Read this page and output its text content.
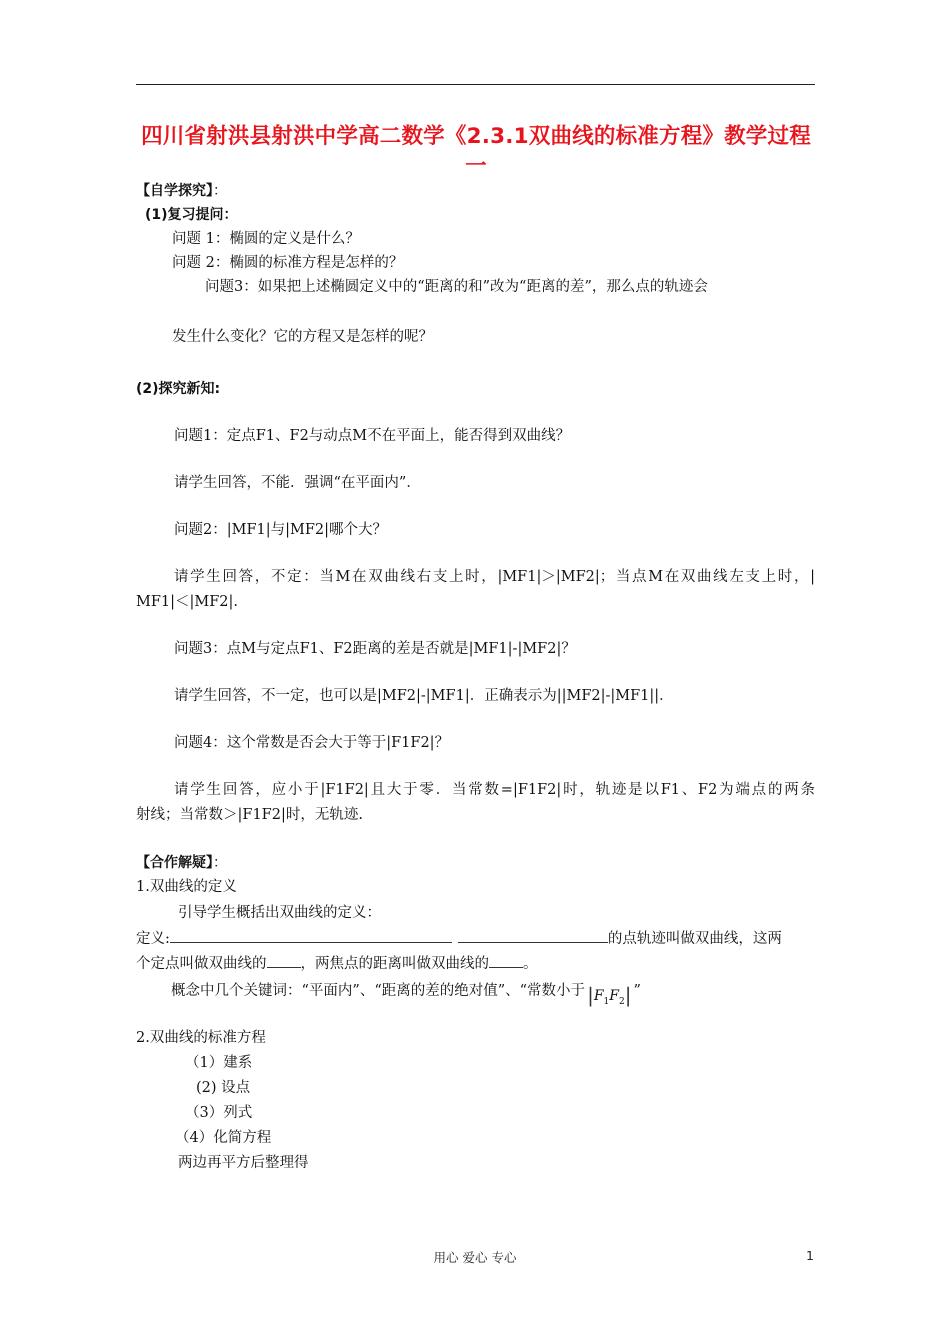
四川省射洪县射洪中学高二数学《2.3.1双曲线的标准方程》教学过程一

【自学探究】：

(1)复习提问：

问题 1：椭圆的定义是什么？

问题 2：椭圆的标准方程是怎样的？

问题3：如果把上述椭圆定义中的“距离的和”改为“距离的差”，那么点的轨迹会

发生什么变化？它的方程又是怎样的呢？

(2)探究新知:

问题1：定点F1、F2与动点M不在平面上，能否得到双曲线？

请学生回答，不能．强调“在平面内”．

问题2：|MF1|与|MF2|哪个大？

请学生回答，不定：当M在双曲线右支上时，|MF1|＞|MF2|；当点M在双曲线左支上时，|

MF1|＜|MF2|.

问题3：点M与定点F1、F2距离的差是否就是|MF1|-|MF2|？

请学生回答，不一定，也可以是|MF2|-|MF1|．正确表示为||MF2|-|MF1||．

问题4：这个常数是否会大于等于|F1F2|？

请学生回答，应小于|F1F2|且大于零．当常数=|F1F2|时，轨迹是以F1、F2为端点的两条

射线；当常数＞|F1F2|时，无轨迹.

【合作解疑】：

1.双曲线的定义

引导学生概括出双曲线的定义：

定义:	的点轨迹叫做双曲线，这两

个定点叫做双曲线的 ，两焦点的距离叫做双曲线的 。

概念中几个关键词：“平面内”、“距离的差的绝对值”、“常数小于 $|F_1F_2|$ ”

2.双曲线的标准方程

（1）建系

(2) 设点

（3）列式

（4）化简方程

两边再平方后整理得

用心 爱心 专心	1
